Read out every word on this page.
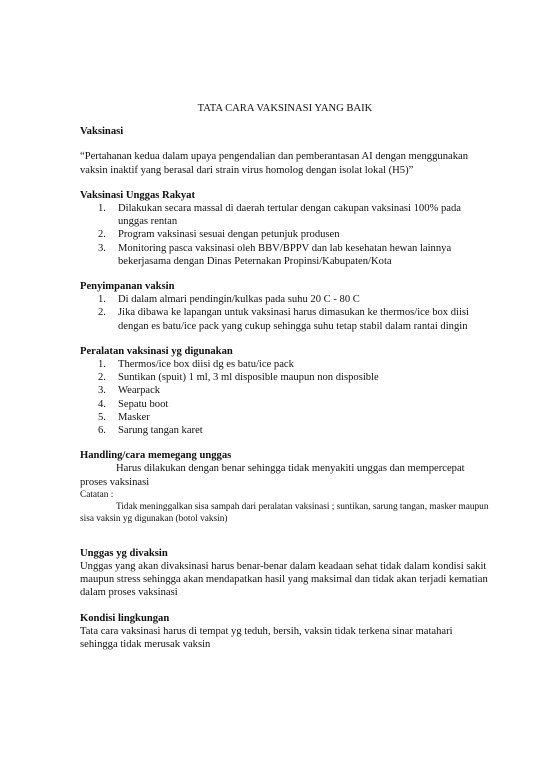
TATA CARA VAKSINASI YANG BAIK

Vaksinasi

“Pertahanan kedua dalam upaya pengendalian dan pemberantasan AI dengan menggunakan vaksin inaktif yang berasal dari strain virus homolog dengan isolat lokal (H5)”

Vaksinasi Unggas Rakyat

1. Dilakukan secara massal di daerah tertular dengan cakupan vaksinasi 100% pada unggas rentan
2. Program vaksinasi sesuai dengan petunjuk produsen
3. Monitoring pasca vaksinasi oleh BBV/BPPV dan lab kesehatan hewan lainnya bekerjasama dengan Dinas Peternakan Propinsi/Kabupaten/Kota

Penyimpanan vaksin

1. Di dalam almari pendingin/kulkas pada suhu 20 C - 80 C
2. Jika dibawa ke lapangan untuk vaksinasi harus dimasukan ke thermos/ice box diisi dengan es batu/ice pack yang cukup sehingga suhu tetap stabil dalam rantai dingin

Peralatan vaksinasi yg digunakan

1. Thermos/ice box diisi dg es batu/ice pack
2. Suntikan (spuit) 1 ml, 3 ml disposible maupun non disposible
3. Wearpack
4. Sepatu boot
5. Masker
6. Sarung tangan karet

Handling/cara memegang unggas

Harus dilakukan dengan benar sehingga tidak menyakiti unggas dan mempercepat proses vaksinasi

Catatan :

Tidak meninggalkan sisa sampah dari peralatan vaksinasi ; suntikan, sarung tangan, masker maupun sisa vaksin yg digunakan (botol vaksin)

Unggas yg divaksin

Unggas yang akan divaksinasi harus benar-benar dalam keadaan sehat tidak dalam kondisi sakit maupun stress sehingga akan mendapatkan hasil yang maksimal dan tidak akan terjadi kematian dalam proses vaksinasi

Kondisi lingkungan

Tata cara vaksinasi harus di tempat yg teduh, bersih, vaksin tidak terkena sinar matahari sehingga tidak merusak vaksin
